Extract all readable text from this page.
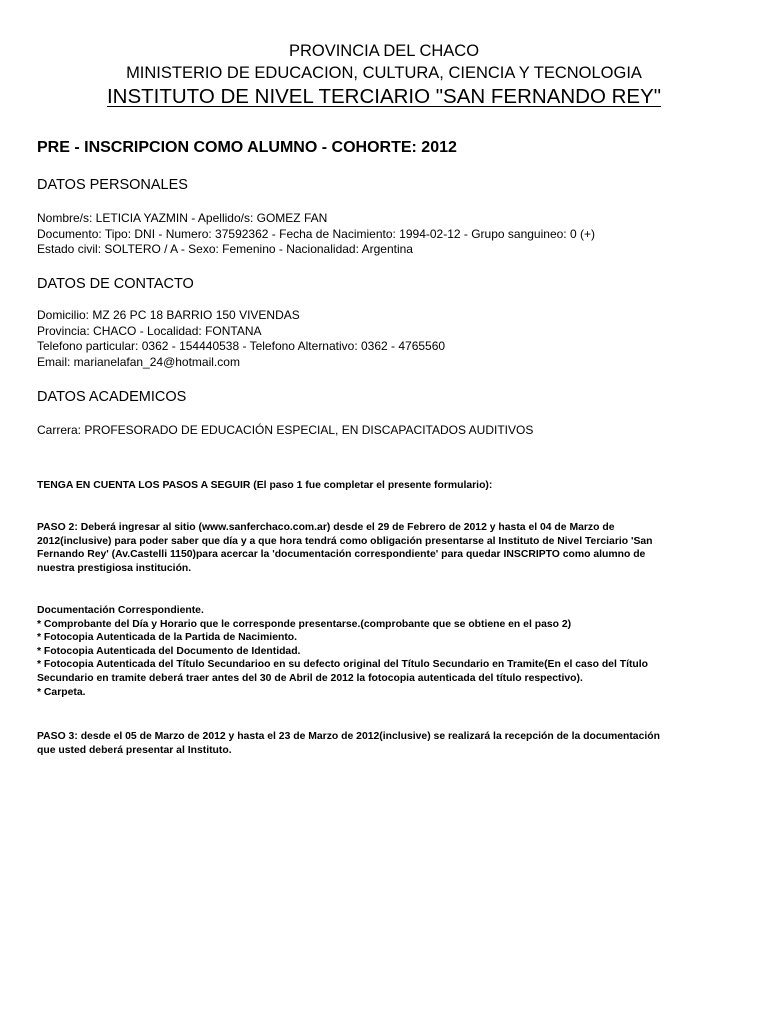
PROVINCIA DEL CHACO
MINISTERIO DE EDUCACION, CULTURA, CIENCIA Y TECNOLOGIA
INSTITUTO DE NIVEL TERCIARIO "SAN FERNANDO REY"
PRE - INSCRIPCION COMO ALUMNO - COHORTE: 2012
DATOS PERSONALES
Nombre/s: LETICIA YAZMIN - Apellido/s: GOMEZ FAN
Documento: Tipo: DNI - Numero: 37592362 - Fecha de Nacimiento: 1994-02-12 - Grupo sanguineo: 0 (+)
Estado civil: SOLTERO / A - Sexo: Femenino - Nacionalidad: Argentina
DATOS DE CONTACTO
Domicilio: MZ 26 PC 18 BARRIO 150 VIVENDAS
Provincia: CHACO - Localidad: FONTANA
Telefono particular: 0362 - 154440538 - Telefono Alternativo: 0362 - 4765560
Email: marianelafan_24@hotmail.com
DATOS ACADEMICOS
Carrera: PROFESORADO DE EDUCACIÓN ESPECIAL, EN DISCAPACITADOS AUDITIVOS
TENGA EN CUENTA LOS PASOS A SEGUIR (El paso 1 fue completar el presente formulario):
PASO 2: Deberá ingresar al sitio (www.sanferchaco.com.ar) desde el 29 de Febrero de 2012 y hasta el 04 de Marzo de
2012(inclusive) para poder saber que día y a que hora tendrá como obligación presentarse al Instituto de Nivel Terciario 'San
Fernando Rey' (Av.Castelli 1150)para acercar la 'documentación correspondiente' para quedar INSCRIPTO como alumno de
nuestra prestigiosa institución.
Documentación Correspondiente.
* Comprobante del Día y Horario que le corresponde presentarse.(comprobante que se obtiene en el paso 2)
* Fotocopia Autenticada de la Partida de Nacimiento.
* Fotocopia Autenticada del Documento de Identidad.
* Fotocopia Autenticada del Título Secundarioo en su defecto original del Título Secundario en Tramite(En el caso del Título
Secundario en tramite deberá traer antes del 30 de Abril de 2012 la fotocopia autenticada del título respectivo).
* Carpeta.
PASO 3: desde el 05 de Marzo de 2012 y hasta el 23 de Marzo de 2012(inclusive) se realizará la recepción de la documentación
que usted deberá presentar al Instituto.
